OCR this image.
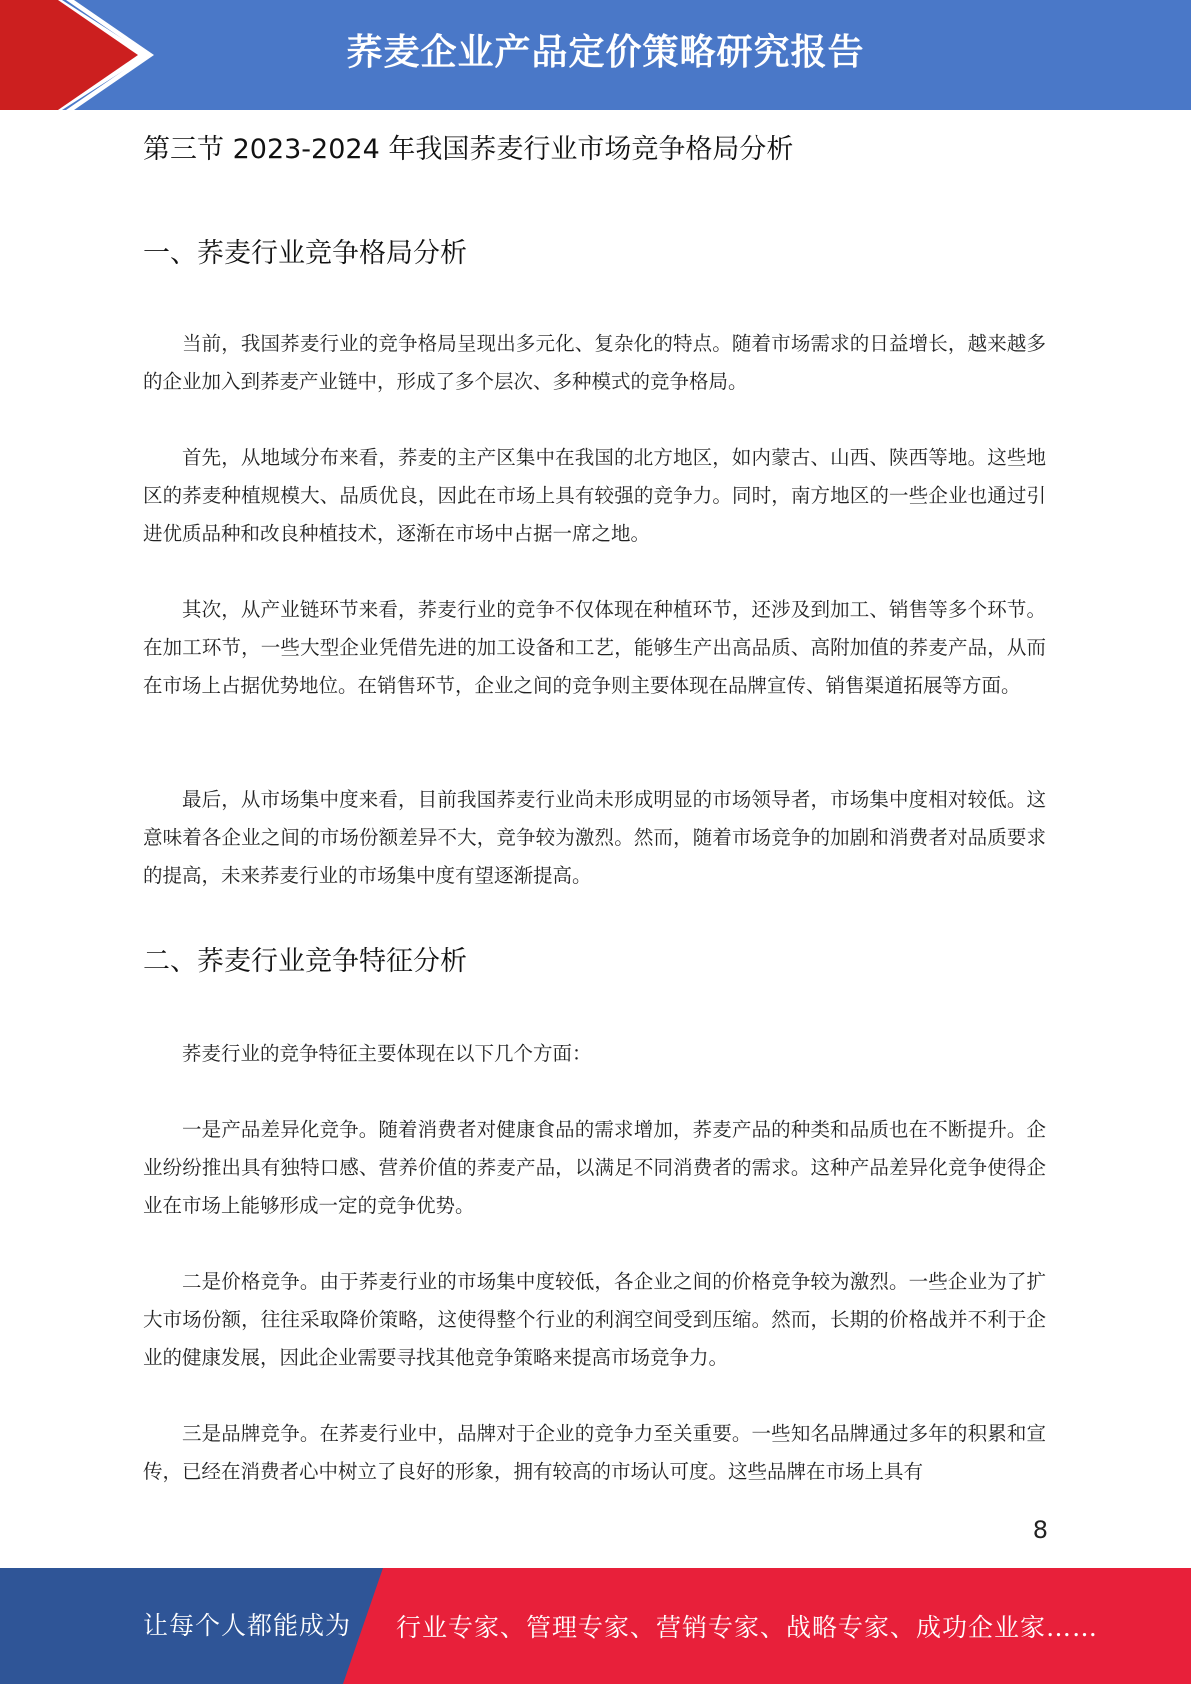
荞麦企业产品定价策略研究报告
第三节 2023-2024 年我国荞麦行业市场竞争格局分析
一、荞麦行业竞争格局分析

当前，我国荞麦行业的竞争格局呈现出多元化、复杂化的特点。随着市场需求的日益增长，越来越多的企业加入到荞麦产业链中，形成了多个层次、多种模式的竞争格局。

首先，从地域分布来看，荞麦的主产区集中在我国的北方地区，如内蒙古、山西、陕西等地。这些地区的荞麦种植规模大、品质优良，因此在市场上具有较强的竞争力。同时，南方地区的一些企业也通过引进优质品种和改良种植技术，逐渐在市场中占据一席之地。

其次，从产业链环节来看，荞麦行业的竞争不仅体现在种植环节，还涉及到加工、销售等多个环节。在加工环节，一些大型企业凭借先进的加工设备和工艺，能够生产出高品质、高附加值的荞麦产品，从而在市场上占据优势地位。在销售环节，企业之间的竞争则主要体现在品牌宣传、销售渠道拓展等方面。

最后，从市场集中度来看，目前我国荞麦行业尚未形成明显的市场领导者，市场集中度相对较低。这意味着各企业之间的市场份额差异不大，竞争较为激烈。然而，随着市场竞争的加剧和消费者对品质要求的提高，未来荞麦行业的市场集中度有望逐渐提高。

二、荞麦行业竞争特征分析

荞麦行业的竞争特征主要体现在以下几个方面：

一是产品差异化竞争。随着消费者对健康食品的需求增加，荞麦产品的种类和品质也在不断提升。企业纷纷推出具有独特口感、营养价值的荞麦产品，以满足不同消费者的需求。这种产品差异化竞争使得企业在市场上能够形成一定的竞争优势。

二是价格竞争。由于荞麦行业的市场集中度较低，各企业之间的价格竞争较为激烈。一些企业为了扩大市场份额，往往采取降价策略，这使得整个行业的利润空间受到压缩。然而，长期的价格战并不利于企业的健康发展，因此企业需要寻找其他竞争策略来提高市场竞争力。

三是品牌竞争。在荞麦行业中，品牌对于企业的竞争力至关重要。一些知名品牌通过多年的积累和宣传，已经在消费者心中树立了良好的形象，拥有较高的市场认可度。这些品牌在市场上具有

8
让每个人都能成为 行业专家、管理专家、营销专家、战略专家、成功企业家……
